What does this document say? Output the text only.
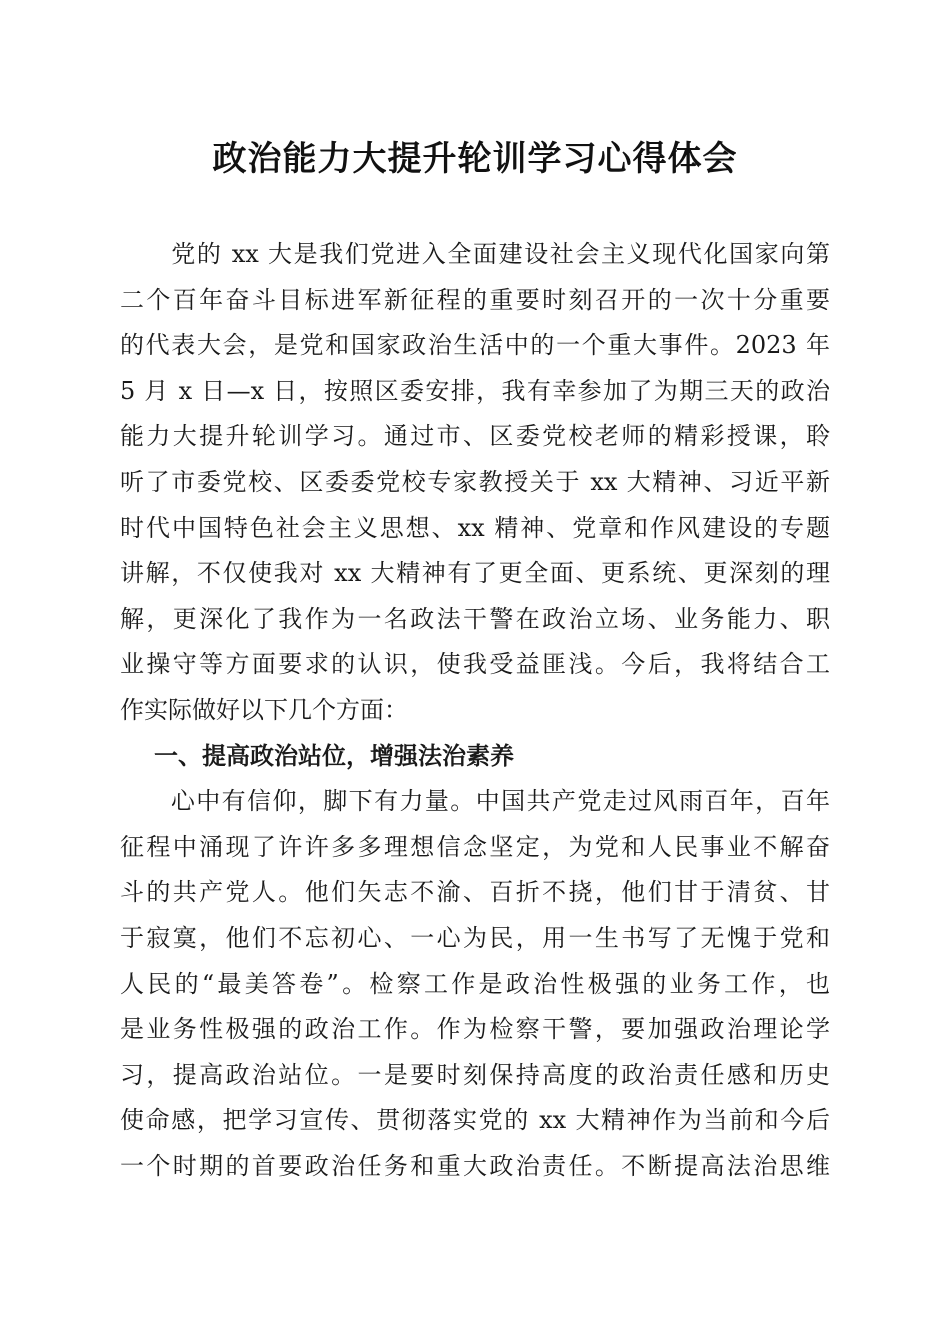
政治能力大提升轮训学习心得体会
　　党的 xx 大是我们党进入全面建设社会主义现代化国家向第
二个百年奋斗目标进军新征程的重要时刻召开的一次十分重要
的代表大会，是党和国家政治生活中的一个重大事件。2023 年
5 月 x 日—x 日，按照区委安排，我有幸参加了为期三天的政治
能力大提升轮训学习。通过市、区委党校老师的精彩授课，聆
听了市委党校、区委委党校专家教授关于 xx 大精神、习近平新
时代中国特色社会主义思想、xx 精神、党章和作风建设的专题
讲解，不仅使我对 xx 大精神有了更全面、更系统、更深刻的理
解，更深化了我作为一名政法干警在政治立场、业务能力、职
业操守等方面要求的认识，使我受益匪浅。今后，我将结合工
作实际做好以下几个方面：
一、提高政治站位，增强法治素养
　　心中有信仰，脚下有力量。中国共产党走过风雨百年，百年
征程中涌现了许许多多理想信念坚定，为党和人民事业不解奋
斗的共产党人。他们矢志不渝、百折不挠，他们甘于清贫、甘
于寂寞，他们不忘初心、一心为民，用一生书写了无愧于党和
人民的“最美答卷”。检察工作是政治性极强的业务工作，也
是业务性极强的政治工作。作为检察干警，要加强政治理论学
习，提高政治站位。一是要时刻保持高度的政治责任感和历史
使命感，把学习宣传、贯彻落实党的 xx 大精神作为当前和今后
一个时期的首要政治任务和重大政治责任。不断提高法治思维
